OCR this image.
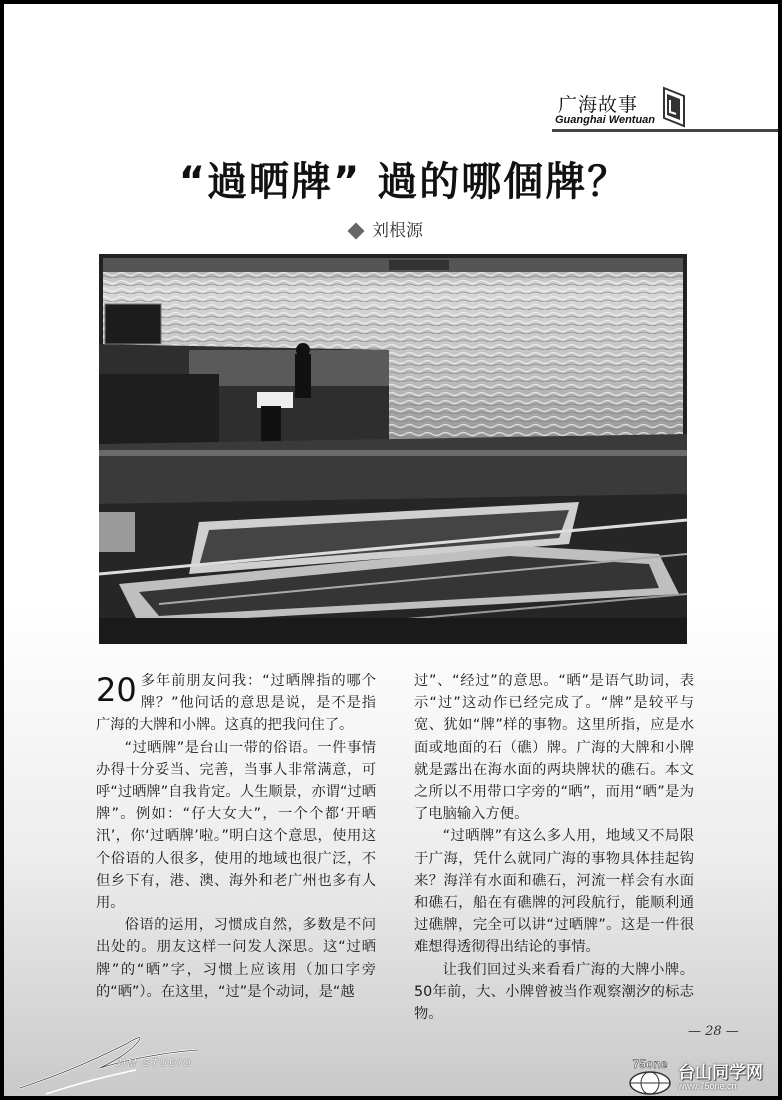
广海故事
Guanghai Wentuan
“過晒牌” 過的哪個牌？
刘根源

20 多年前朋友问我：“过晒牌指的哪个牌？”他问话的意思是说，是不是指广海的大牌和小牌。这真的把我问住了。

“过晒牌”是台山一带的俗语。一件事情办得十分妥当、完善，当事人非常满意，可呼“过晒牌”自我肯定。人生顺景，亦谓“过晒牌”。例如：“仔大女大”，一个个都‘开晒汛’，你‘过晒牌’啦。”明白这个意思，使用这个俗语的人很多，使用的地域也很广泛，不但乡下有，港、澳、海外和老广州也多有人用。

俗语的运用，习惯成自然，多数是不问出处的。朋友这样一问发人深思。这“过晒牌”的“晒”字，习惯上应该用（加口字旁的“晒”）。在这里，“过”是个动词，是“越

过”、“经过”的意思。“晒”是语气助词，表示“过”这动作已经完成了。“牌”是较平与宽、犹如“牌”样的事物。这里所指，应是水面或地面的石（礁）牌。广海的大牌和小牌就是露出在海水面的两块牌状的礁石。本文之所以不用带口字旁的“晒”，而用“晒”是为了电脑输入方便。

“过晒牌”有这么多人用，地域又不局限于广海，凭什么就同广海的事物具体挂起钩来？海洋有水面和礁石，河流一样会有水面和礁石，船在有礁牌的河段航行，能顺利通过礁牌，完全可以讲“过晒牌”。这是一件很难想得透彻得出结论的事情。

让我们回过头来看看广海的大牌小牌。50年前，大、小牌曾被当作观察潮汐的标志物。

— 28 —
JIM STUDIO	75one 台山同学网
www.75one.cn
